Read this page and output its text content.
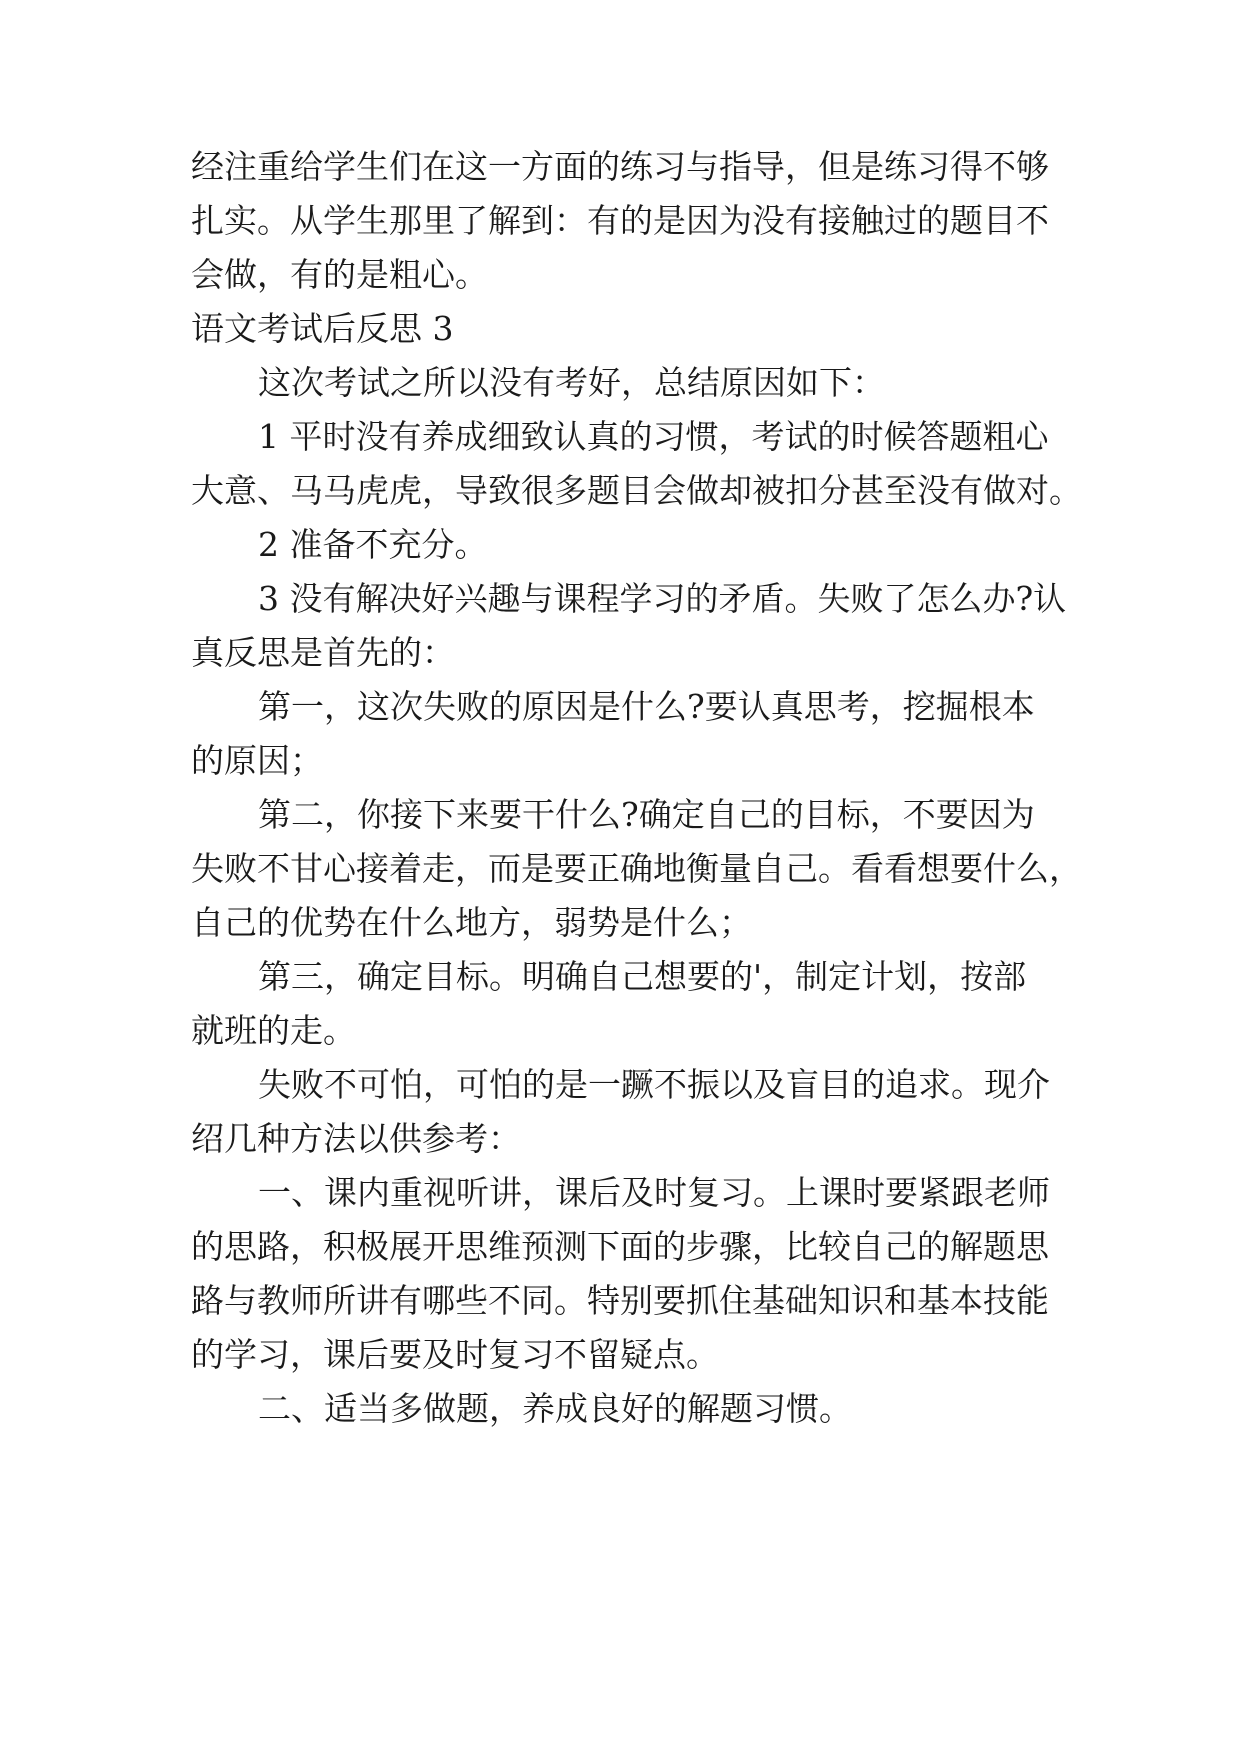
经注重给学生们在这一方面的练习与指导，但是练习得不够

扎实。从学生那里了解到：有的是因为没有接触过的题目不

会做，有的是粗心。

语文考试后反思 3

这次考试之所以没有考好，总结原因如下：

1 平时没有养成细致认真的习惯，考试的时候答题粗心

大意、马马虎虎，导致很多题目会做却被扣分甚至没有做对。

2 准备不充分。

3 没有解决好兴趣与课程学习的矛盾。失败了怎么办?认

真反思是首先的：

第一，这次失败的原因是什么?要认真思考，挖掘根本

的原因；

第二，你接下来要干什么?确定自己的目标，不要因为

失败不甘心接着走，而是要正确地衡量自己。看看想要什么，

自己的优势在什么地方，弱势是什么；

第三，确定目标。明确自己想要的'，制定计划，按部

就班的走。

失败不可怕，可怕的是一蹶不振以及盲目的追求。现介

绍几种方法以供参考：

一、课内重视听讲，课后及时复习。上课时要紧跟老师

的思路，积极展开思维预测下面的步骤，比较自己的解题思

路与教师所讲有哪些不同。特别要抓住基础知识和基本技能

的学习，课后要及时复习不留疑点。

二、适当多做题，养成良好的解题习惯。
